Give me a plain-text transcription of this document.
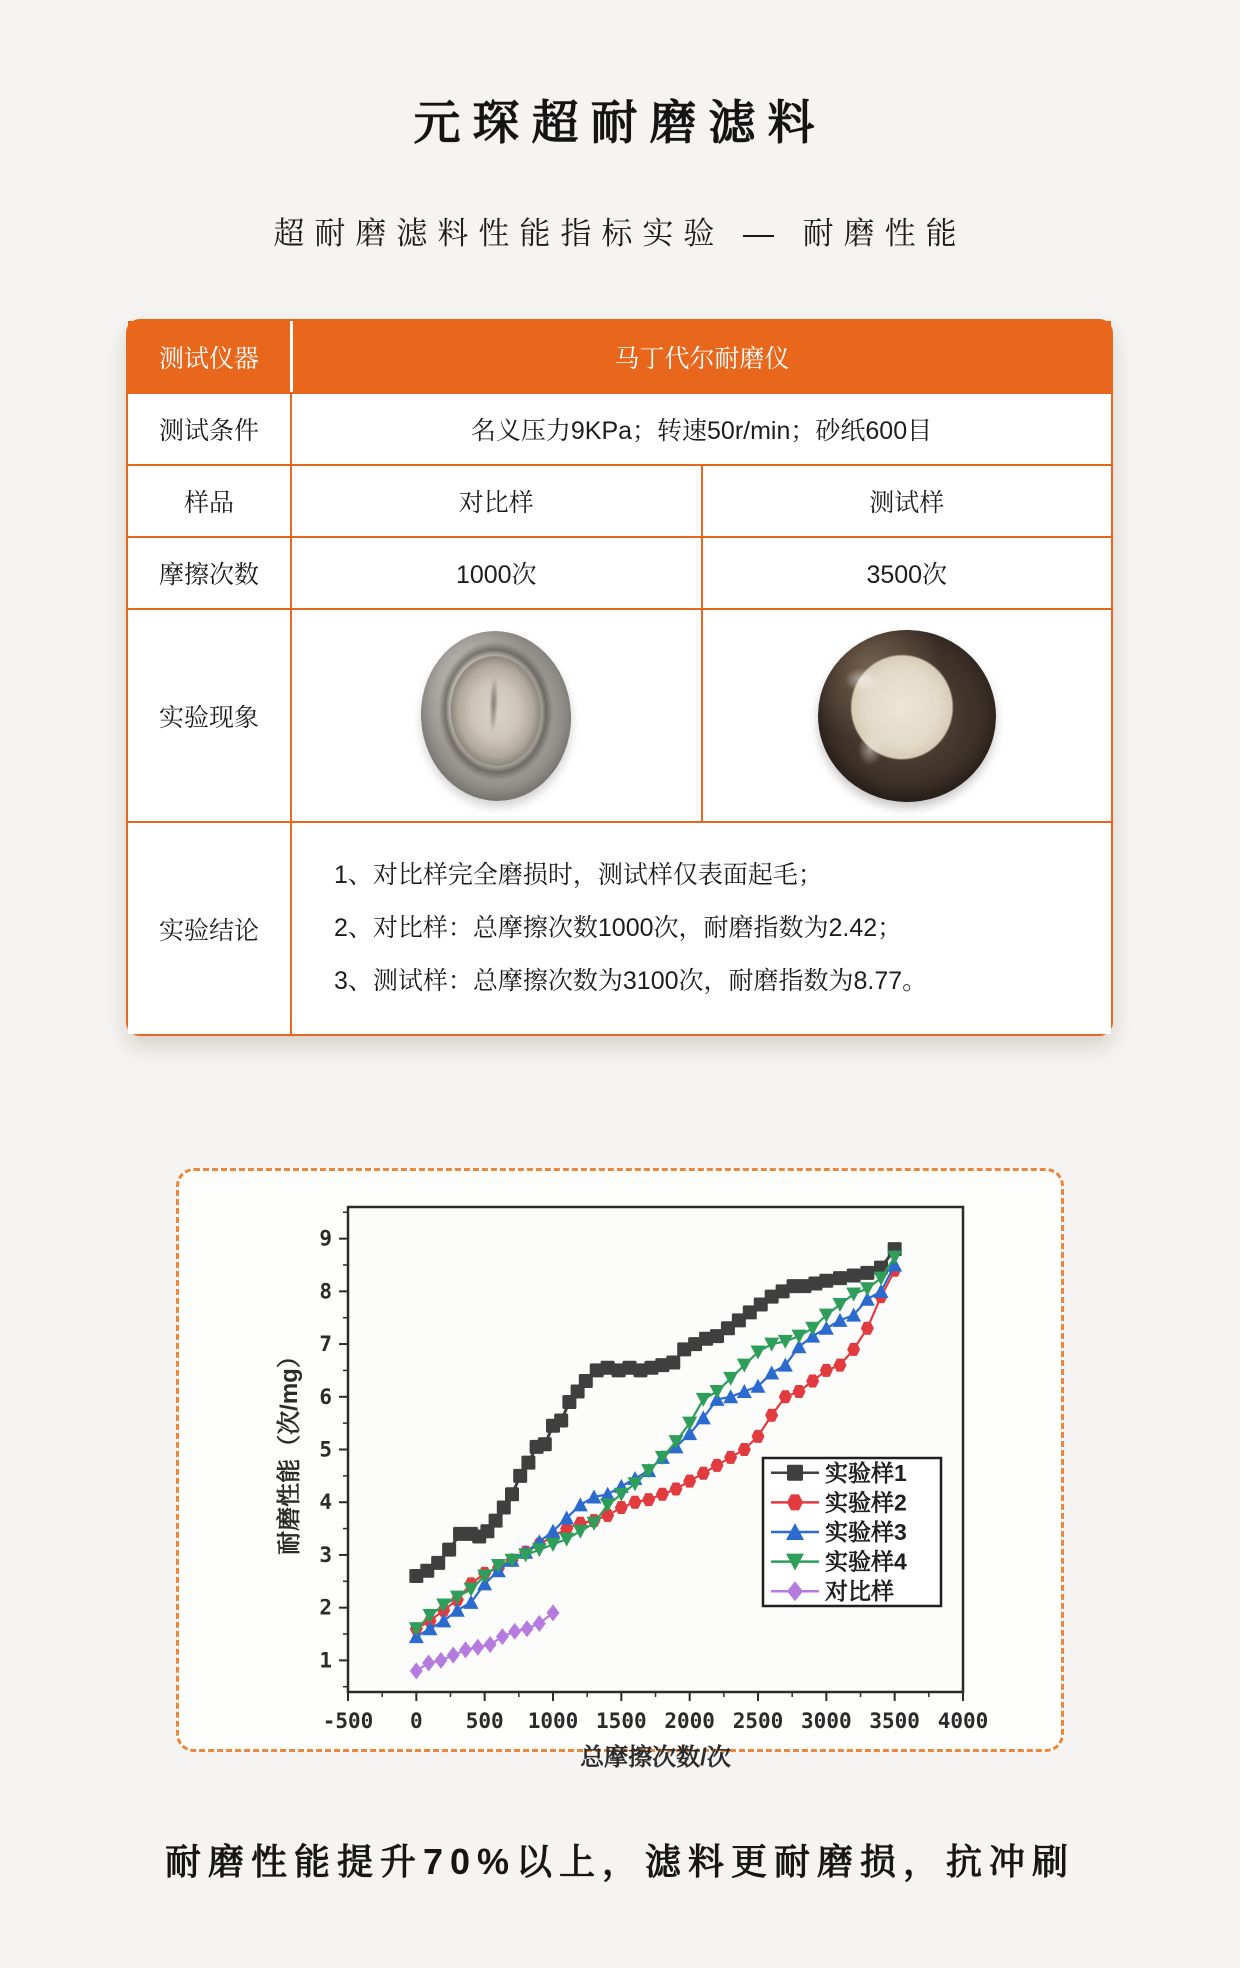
元琛超耐磨滤料
超耐磨滤料性能指标实验 — 耐磨性能
测试仪器	马丁代尔耐磨仪
测试条件	名义压力9KPa；转速50r/min；砂纸600目
样品	对比样	测试样
摩擦次数	1000次	3500次
实验现象
实验结论
1、对比样完全磨损时，测试样仅表面起毛；
2、对比样：总摩擦次数1000次，耐磨指数为2.42；
3、测试样：总摩擦次数为3100次，耐磨指数为8.77。
1
2
3
4
5
6
7
8
9
-500 0 500 1000 1500 2000 2500 3000 3500 4000
总摩擦次数/次
耐磨性能（次/mg）	实验样1
实验样2
实验样3
实验样4
对比样
耐磨性能提升70%以上，滤料更耐磨损，抗冲刷
